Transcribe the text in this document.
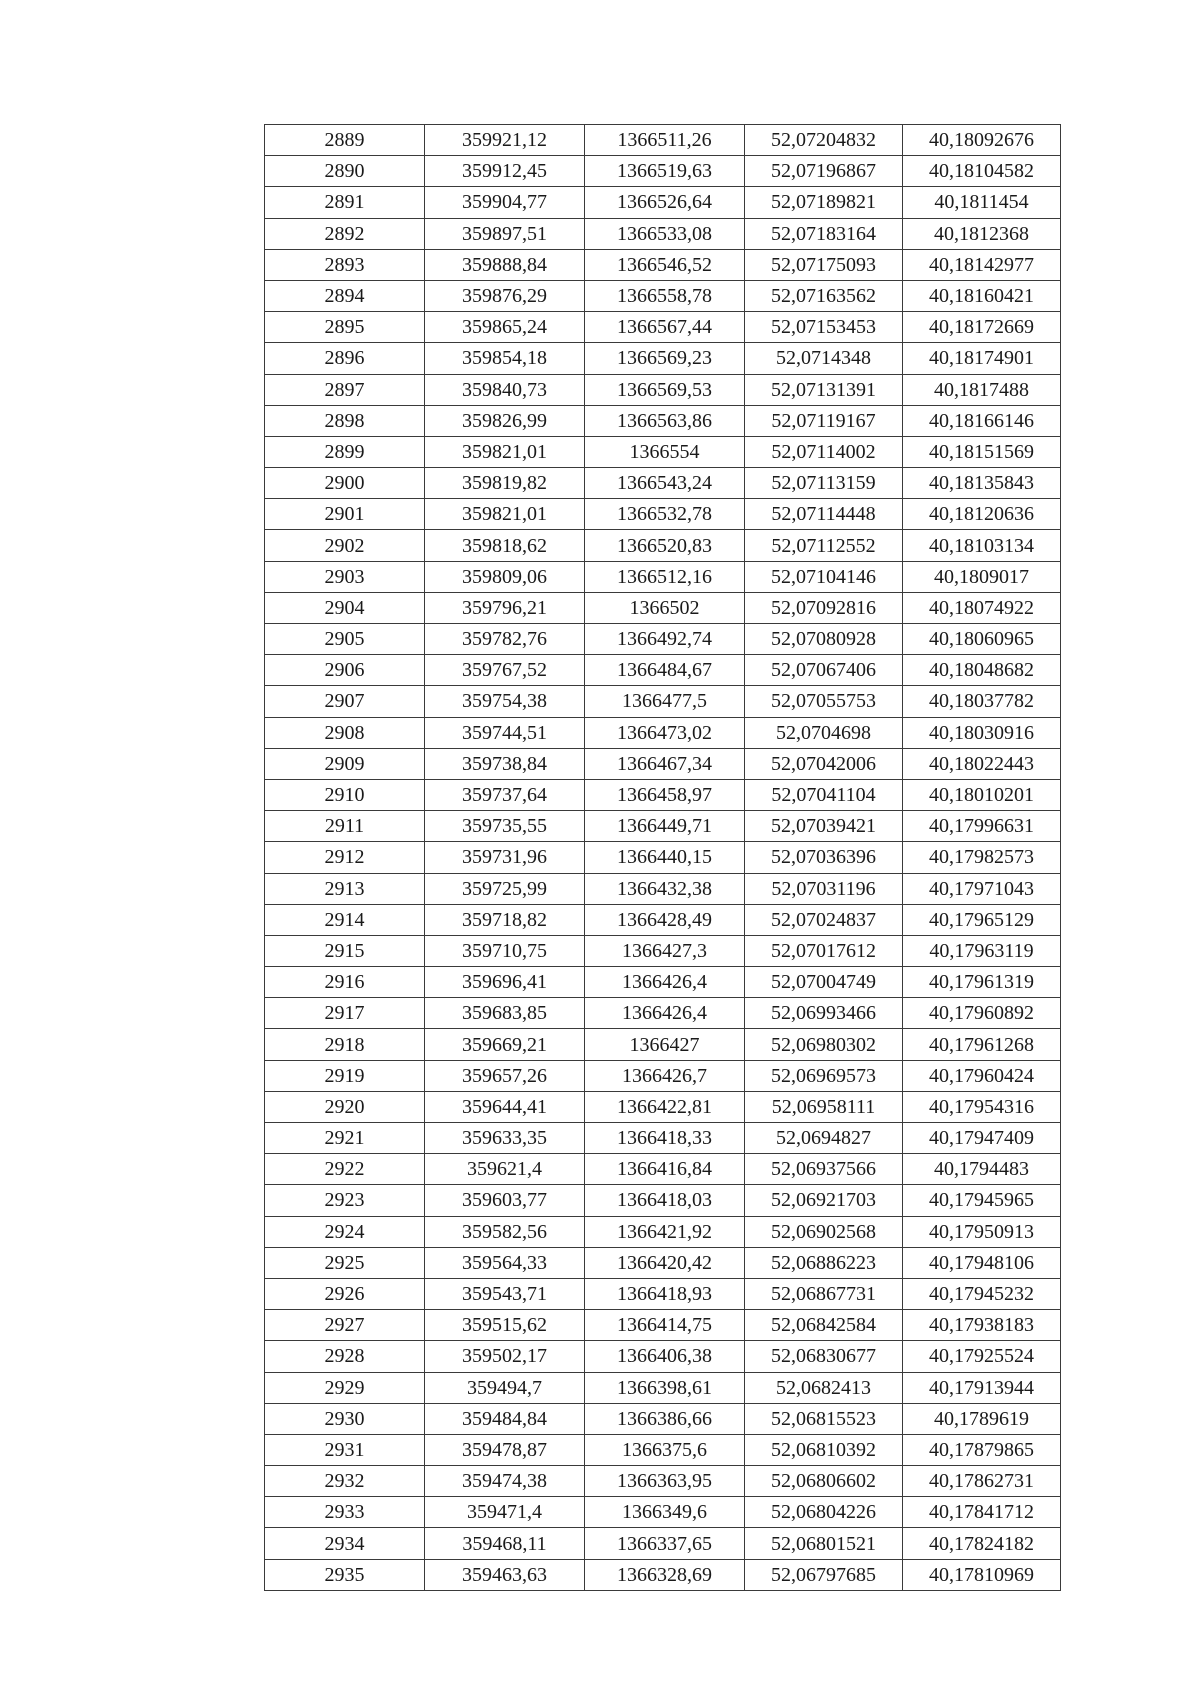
2889	359921,12	1366511,26	52,07204832	40,18092676
2890	359912,45	1366519,63	52,07196867	40,18104582
2891	359904,77	1366526,64	52,07189821	40,1811454
2892	359897,51	1366533,08	52,07183164	40,1812368
2893	359888,84	1366546,52	52,07175093	40,18142977
2894	359876,29	1366558,78	52,07163562	40,18160421
2895	359865,24	1366567,44	52,07153453	40,18172669
2896	359854,18	1366569,23	52,0714348	40,18174901
2897	359840,73	1366569,53	52,07131391	40,1817488
2898	359826,99	1366563,86	52,07119167	40,18166146
2899	359821,01	1366554	52,07114002	40,18151569
2900	359819,82	1366543,24	52,07113159	40,18135843
2901	359821,01	1366532,78	52,07114448	40,18120636
2902	359818,62	1366520,83	52,07112552	40,18103134
2903	359809,06	1366512,16	52,07104146	40,1809017
2904	359796,21	1366502	52,07092816	40,18074922
2905	359782,76	1366492,74	52,07080928	40,18060965
2906	359767,52	1366484,67	52,07067406	40,18048682
2907	359754,38	1366477,5	52,07055753	40,18037782
2908	359744,51	1366473,02	52,0704698	40,18030916
2909	359738,84	1366467,34	52,07042006	40,18022443
2910	359737,64	1366458,97	52,07041104	40,18010201
2911	359735,55	1366449,71	52,07039421	40,17996631
2912	359731,96	1366440,15	52,07036396	40,17982573
2913	359725,99	1366432,38	52,07031196	40,17971043
2914	359718,82	1366428,49	52,07024837	40,17965129
2915	359710,75	1366427,3	52,07017612	40,17963119
2916	359696,41	1366426,4	52,07004749	40,17961319
2917	359683,85	1366426,4	52,06993466	40,17960892
2918	359669,21	1366427	52,06980302	40,17961268
2919	359657,26	1366426,7	52,06969573	40,17960424
2920	359644,41	1366422,81	52,06958111	40,17954316
2921	359633,35	1366418,33	52,0694827	40,17947409
2922	359621,4	1366416,84	52,06937566	40,1794483
2923	359603,77	1366418,03	52,06921703	40,17945965
2924	359582,56	1366421,92	52,06902568	40,17950913
2925	359564,33	1366420,42	52,06886223	40,17948106
2926	359543,71	1366418,93	52,06867731	40,17945232
2927	359515,62	1366414,75	52,06842584	40,17938183
2928	359502,17	1366406,38	52,06830677	40,17925524
2929	359494,7	1366398,61	52,0682413	40,17913944
2930	359484,84	1366386,66	52,06815523	40,1789619
2931	359478,87	1366375,6	52,06810392	40,17879865
2932	359474,38	1366363,95	52,06806602	40,17862731
2933	359471,4	1366349,6	52,06804226	40,17841712
2934	359468,11	1366337,65	52,06801521	40,17824182
2935	359463,63	1366328,69	52,06797685	40,17810969
